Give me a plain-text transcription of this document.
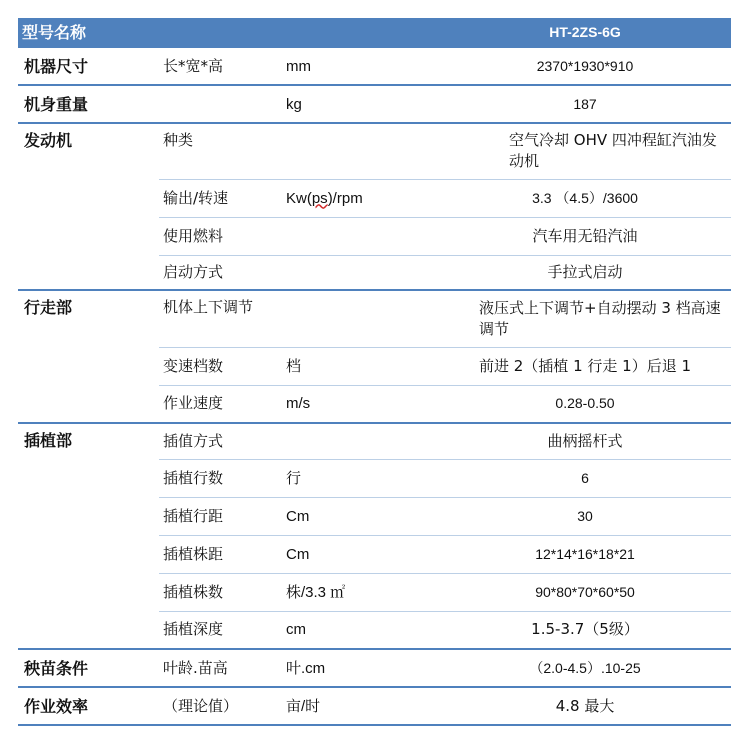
型号名称			HT-2ZS-6G
机器尺寸	长*宽*高	mm	2370*1930*910
机身重量		kg	187
发动机	种类		空气冷却 OHV 四冲程缸汽油发动机
	输出/转速	Kw(ps)/rpm	3.3 （4.5）/3600
	使用燃料		汽车用无铅汽油
	启动方式		手拉式启动
行走部	机体上下调节		液压式上下调节+自动摆动 3 档高速调节
	变速档数	档	前进 2（插植 1 行走 1）后退 1
	作业速度	m/s	0.28-0.50
插植部	插值方式		曲柄摇杆式
	插植行数	行	6
	插植行距	Cm	30
	插植株距	Cm	12*14*16*18*21
	插植株数	株/3.3 ㎡	90*80*70*60*50
	插植深度	cm	1.5-3.7（5级）
秧苗条件	叶龄.苗高	叶.cm	（2.0-4.5）.10-25
作业效率	（理论值）	亩/时	4.8 最大
